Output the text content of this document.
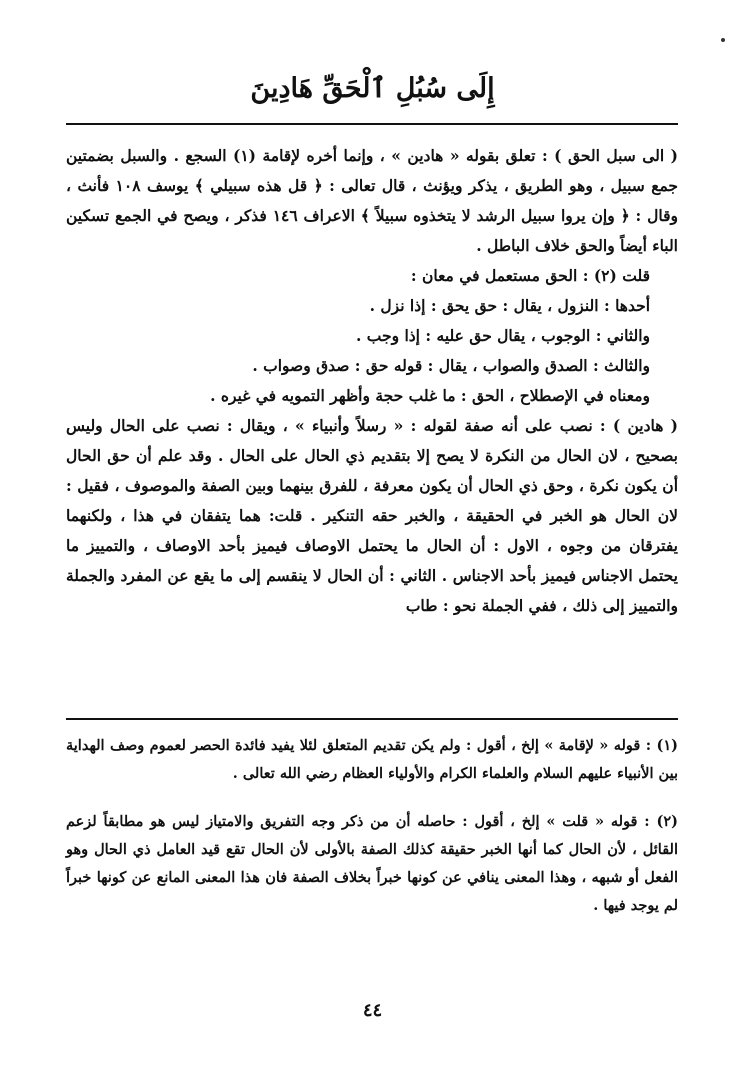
إِلَى سُبُلِ ٱلْحَقِّ هَادِينَ

( الى سبل الحق ) : تعلق بقوله « هادين » ، وإنما أخره لإقامة (١) السجع . والسبل بضمتين جمع سبيل ، وهو الطريق ، يذكر ويؤنث ، قال تعالى : ﴿ قل هذه سبيلي ﴾ يوسف ١٠٨ فأنث ، وقال : ﴿ وإن يروا سبيل الرشد لا يتخذوه سبيلاً ﴾ الاعراف ١٤٦ فذكر ، ويصح في الجمع تسكين الباء أيضاً والحق خلاف الباطل .

قلت (٢) : الحق مستعمل في معان :

أحدها : النزول ، يقال : حق يحق : إذا نزل .

والثاني : الوجوب ، يقال حق عليه : إذا وجب .

والثالث : الصدق والصواب ، يقال : قوله حق : صدق وصواب .

ومعناه في الإصطلاح ، الحق : ما غلب حجة وأظهر التمويه في غيره .

( هادين ) : نصب على أنه صفة لقوله : « رسلاً وأنبياء » ، ويقال : نصب على الحال وليس بصحيح ، لان الحال من النكرة لا يصح إلا بتقديم ذي الحال على الحال . وقد علم أن حق الحال أن يكون نكرة ، وحق ذي الحال أن يكون معرفة ، للفرق بينهما وبين الصفة والموصوف ، فقيل : لان الحال هو الخبر في الحقيقة ، والخبر حقه التنكير . قلت: هما يتفقان في هذا ، ولكنهما يفترقان من وجوه ، الاول : أن الحال ما يحتمل الاوصاف فيميز بأحد الاوصاف ، والتمييز ما يحتمل الاجناس فيميز بأحد الاجناس . الثاني : أن الحال لا ينقسم إلى ما يقع عن المفرد والجملة والتمييز إلى ذلك ، ففي الجملة نحو : طاب

(١) : قوله « لإقامة » إلخ ، أقول : ولم يكن تقديم المتعلق لئلا يفيد فائدة الحصر لعموم وصف الهداية بين الأنبياء عليهم السلام والعلماء الكرام والأولياء العظام رضي الله تعالى .

(٢) : قوله « قلت » إلخ ، أقول : حاصله أن من ذكر وجه التفريق والامتياز ليس هو مطابقاً لزعم القائل ، لأن الحال كما أنها الخبر حقيقة كذلك الصفة بالأولى لأن الحال تقع قيد العامل ذي الحال وهو الفعل أو شبهه ، وهذا المعنى ينافي عن كونها خبراً بخلاف الصفة فان هذا المعنى المانع عن كونها خبراً لم يوجد فيها .

٤٤
